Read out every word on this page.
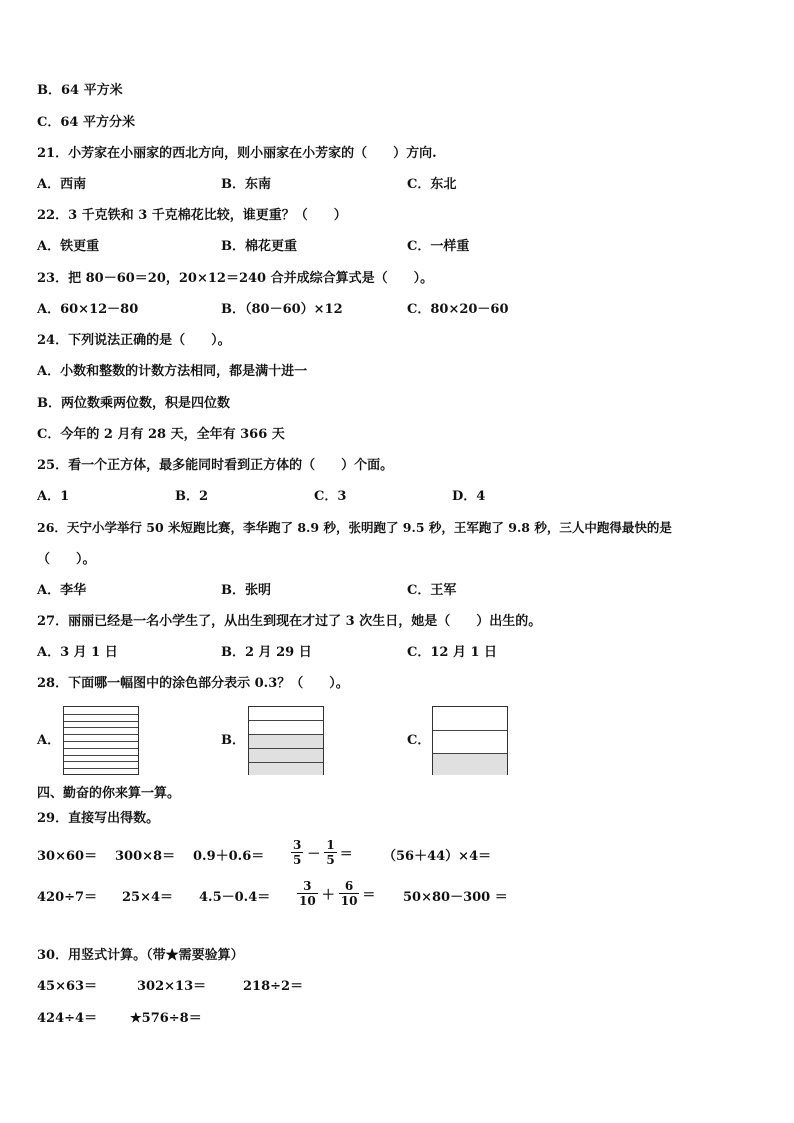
B．64 平方米
C．64 平方分米
21．小芳家在小丽家的西北方向，则小丽家在小芳家的（　　）方向.
A．西南	B．东南	C．东北
22．3 千克铁和 3 千克棉花比较，谁更重？（　　）
A．铁更重	B．棉花更重	C．一样重
23．把 80－60＝20，20×12＝240 合并成综合算式是（　　）。
A．60×12－80	B．（80－60）×12	C．80×20－60
24．下列说法正确的是（　　）。
A．小数和整数的计数方法相同，都是满十进一
B．两位数乘两位数，积是四位数
C．今年的 2 月有 28 天，全年有 366 天
25．看一个正方体，最多能同时看到正方体的（　　）个面。
A．1	B．2	C．3	D．4
26．天宁小学举行 50 米短跑比赛，李华跑了 8.9 秒，张明跑了 9.5 秒，王军跑了 9.8 秒，三人中跑得最快的是
（　　）。
A．李华	B．张明	C．王军
27．丽丽已经是一名小学生了，从出生到现在才过了 3 次生日，她是（　　）出生的。
A．3 月 1 日	B．2 月 29 日	C．12 月 1 日
28．下面哪一幅图中的涂色部分表示 0.3？（　　）。
A．	B．	C．
四、勤奋的你来算一算。
29．直接写出得数。
$30\times 60= 300\times 8= 0.9+0.6= \frac{3}{5} - \frac{1}{5} = (56+44)\times 4=$
$420\div 7= 25\times 4= 4.5-0.4= \frac{3}{10} + \frac{6}{10} = 50\times 80-300$ ＝
30．用竖式计算。（带★需要验算）
45×63＝	302×13＝	218÷2＝
424÷4＝	★576÷8＝
